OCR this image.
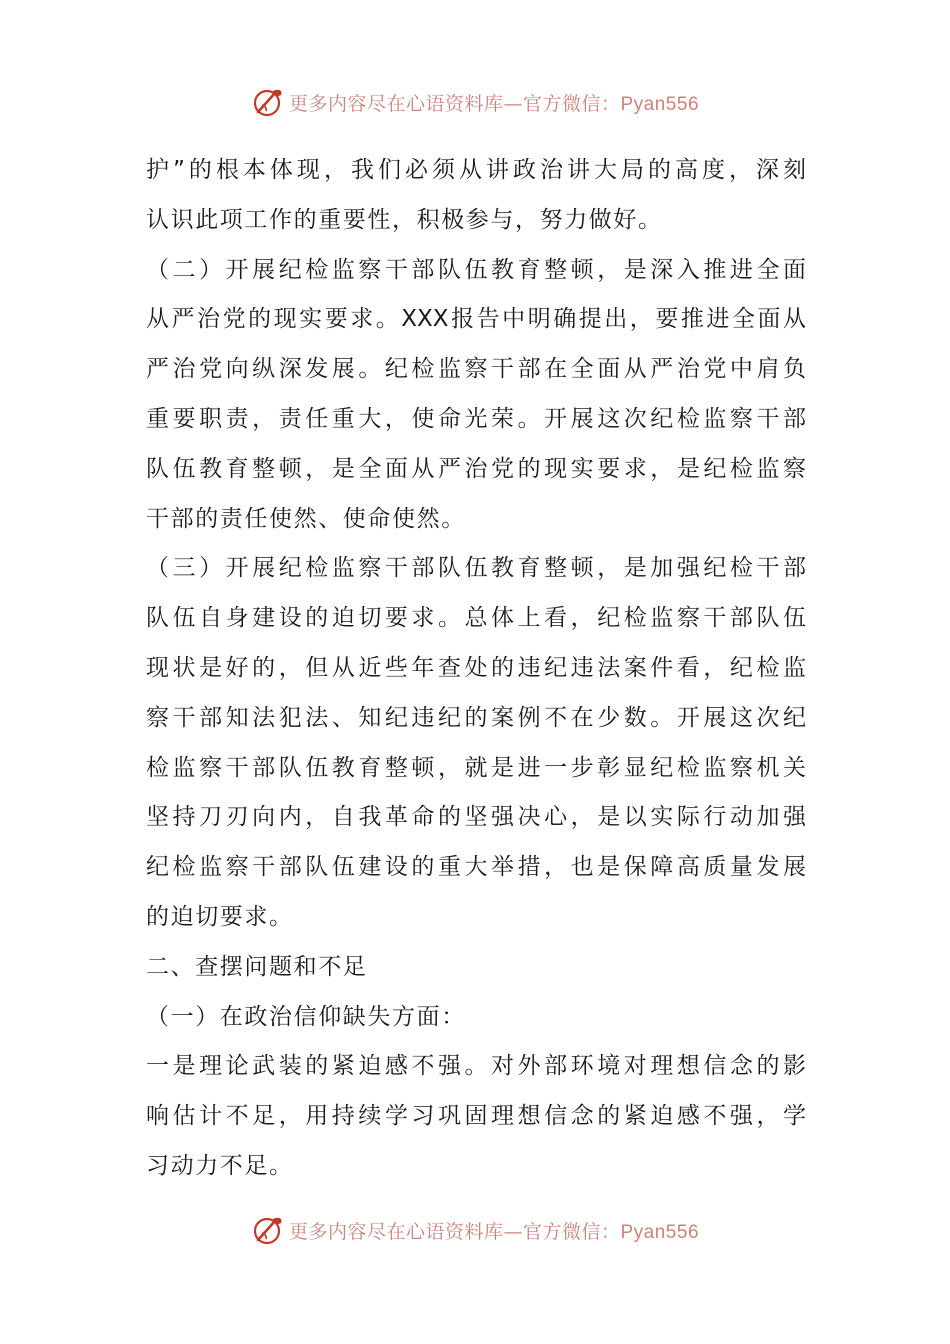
更多内容尽在心语资料库—官方微信：Pyan556
护”的根本体现，我们必须从讲政治讲大局的高度，深刻
认识此项工作的重要性，积极参与，努力做好。
（二）开展纪检监察干部队伍教育整顿，是深入推进全面
从严治党的现实要求。XXX报告中明确提出，要推进全面从
严治党向纵深发展。纪检监察干部在全面从严治党中肩负
重要职责，责任重大，使命光荣。开展这次纪检监察干部
队伍教育整顿，是全面从严治党的现实要求，是纪检监察
干部的责任使然、使命使然。
（三）开展纪检监察干部队伍教育整顿，是加强纪检干部
队伍自身建设的迫切要求。总体上看，纪检监察干部队伍
现状是好的，但从近些年查处的违纪违法案件看，纪检监
察干部知法犯法、知纪违纪的案例不在少数。开展这次纪
检监察干部队伍教育整顿，就是进一步彰显纪检监察机关
坚持刀刃向内，自我革命的坚强决心，是以实际行动加强
纪检监察干部队伍建设的重大举措，也是保障高质量发展
的迫切要求。
二、查摆问题和不足
（一）在政治信仰缺失方面：
一是理论武装的紧迫感不强。对外部环境对理想信念的影
响估计不足，用持续学习巩固理想信念的紧迫感不强，学
习动力不足。
更多内容尽在心语资料库—官方微信：Pyan556
